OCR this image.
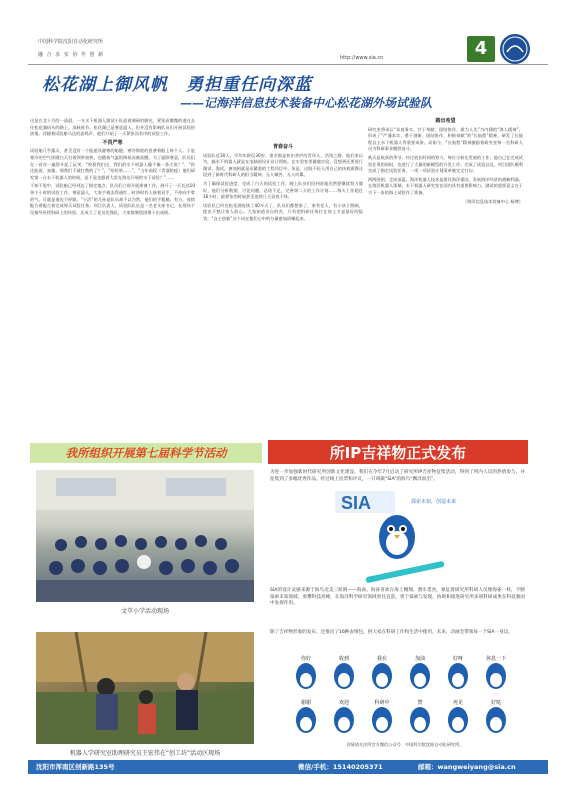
中国科学院沈阳自动化研究所
融 合 求 实 协 作 创 新	http://www.sia.cn	4
松花湖上御风帆　勇担重任向深蓝
——记海洋信息技术装备中心松花湖外场试验队

这是在北十月的一清晨，一支水下机器人湖试小队迎着调研的脚光，紧张而微微的递在去往松花湖码头的路上。深秋时节，松花湖已是寒意逼人，但并没有影响队员们开展试验的热情。伴随着试验船马达的轰鸣声，他们开始了一天紧张而有序的试验工作。

不畏严寒

试验船几乎露天，甚至没有一个能遮风避寒的船舱，寒冷彻底的侵袭着船上每个人。于是寒冷的空气伴随白天打着领带加热，也随着气温的降低而被冻醒，为了驱除寒意，队员们在一首首一遍得开起了玩笑。“咬着我们这，我们的水下机器人像不像一条大鱼？”，“你还能说，真像，那我们不就打渔的了？”，“哈哈哈……”，“当年前段（青浙防疫）他们研究第一台水下机器人的时候，是不是也跟着大雷在海边开展的水下试验？”……

不知不觉中，试验船已经到达了指定地点，队员们立即开展准备工作，展开了一天长达10余个小时的试验工作。寒意逼人，大家手被冻得通红，时冲时有人接着双手，不停向手掌哈气，可就是谁也不停歇。“干活”的儿孙是队员却不以为然，他们的手粗糙，有力，连续配合着配合着完成每天试验任务。项目负责人、试验队队长是一名老支部书记，在现场不仅指导传授科研上的经验，还成立了党员先锋队，大家都聚焦团聚干出成绩。

青春奋斗

试验队近30人，平均年龄仅30岁，很多都是初出茅庐的青年人，活络之路，他们来以为，搞水下机器人就是在电脑前设计设计图纸，在实验室里做做实验，没想到还要进行湖试、海试，参加到就是而繁重的工程项目中。但是，这既不轻人用自己的执着澎湃这段到了新时代科研人的担当精神，无人喊苦、无人叫累。

为了确保试验进度，完成了白天的试验工作，晚上队员们回到驻地仍然要继续努力做好，他们分析数据，讨论问题，总结不足，完善第二天的工作计划……每天工作超过16小时，最紧张的时候甚至连续几天昼夜不休。

试验队已经在松花湖连续了40多天了，队员们都想家了，家有老人，有小孩子照顾，提出不想让家人担心。大家知道各自的苦，只有把科研任务扛在肩上才是最好的报答，“自主创新”这个词在他们心中的分量愈加清晰起来。

踏出希望

研究室将承认“求真务实、甘于奉献、团结协作、敢为人先”为内涵的“海人精神”，形成了“严谨求实、勇于创新、团结协作、积极奉献”的“长航程”精神，研发了长航程自主水下机器人等重要成果。而如今，“长航程”精神激励着研究室每一名科研人员为科研事业继续奋斗。

秋天是收获的季节。经过较长时间的努力，每位分析在发展的工作，他自己在完成试验任务的同时，也进行了大量的新模型的开发工作。完成了试验以及，项目团队顺利完成了指定试验任务，一项一项试验计划清单被完全打勾。

两两围围，走向深蓝。海洋机器人技术是建设海洋强国、发展海洋经济的战略利器。在海洋机器人领域，水下机器人研究室在国内具有重要影响力。湖试的重要意义在于为下一步的海上试验作了准备。

（海洋信息技术装备中心 杨博）

我所组织开展第七届科学节活动
文萃小学活动现场
机器人学研究室助理研究员王宏伟在“创工坊”活动区现场
所IP吉祥物正式发布
为进一步加强新时代研究所创新文化建设，我们在今年7月启动了研究所IP吉祥物征集活动，得到了所内人员的热情参与，并征集到了多幅优秀作品。经过线上投票和评议，一只叫做“SIA”的海鸟“飘洋而出”。
SIA	探索未知，创造未来
SIA的设计灵感来源于海鸟北美三趾鸥——海雀。海雀喜欢在海上翱翔、潜水觅食，象征着研究所科研人员像海雀一样，不断探索未知领域、勇攀科技高峰，在海洋科学研究领域勇往直前，勇于探索与发现，协助和推进研究所多项科研成果在科技强国中发挥作用。
除了吉祥物形象的发布，还推出了16种表情包，供大家在科研工作和生活中使用。未来，动画会带领每一个SIA一身边。
你好	收到	我在	加油	好呀	休息一下
谢谢	欢迎	科研中	赞	再见	好哒
详情请关注所官方微信公众号：中国科学院沈阳自动化研究所。
沈阳市浑南区创新路135号	微信/手机：15140205371	邮箱：wangweiyang@sia.cn
